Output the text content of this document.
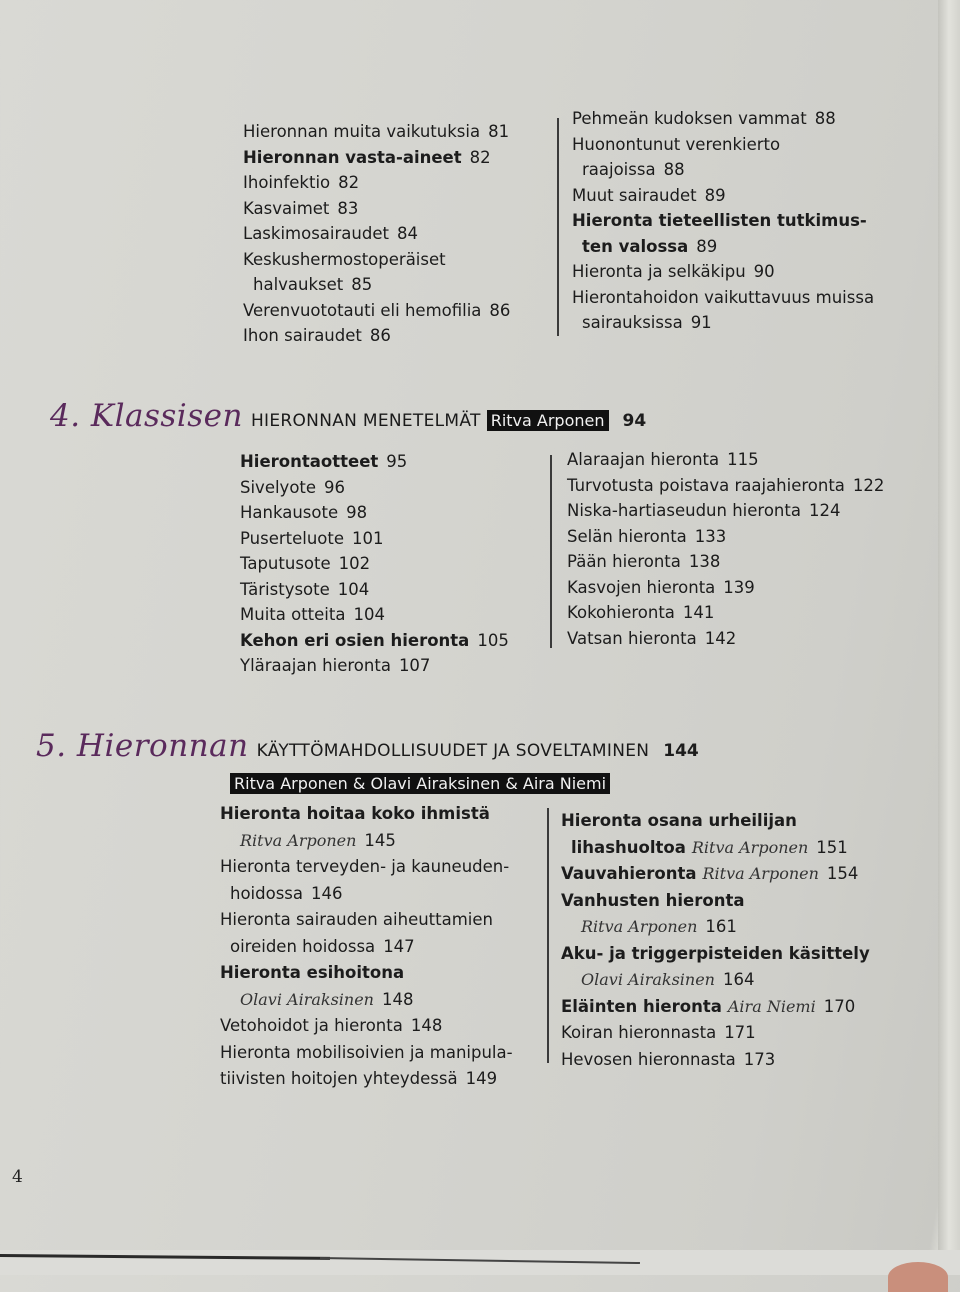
Hieronnan muita vaikutuksia 81
Hieronnan vasta-aineet 82
Ihoinfektio 82
Kasvaimet 83
Laskimosairaudet 84
Keskushermostoperäiset
halvaukset 85
Verenvuototauti eli hemofilia 86
Ihon sairaudet 86
Pehmeän kudoksen vammat 88
Huonontunut verenkierto
raajoissa 88
Muut sairaudet 89
Hieronta tieteellisten tutkimus-
ten valossa 89
Hieronta ja selkäkipu 90
Hierontahoidon vaikuttavuus muissa
sairauksissa 91
4. Klassisen HIERONNAN MENETELMÄT Ritva Arponen 94
Hierontaotteet 95
Sivelyote 96
Hankausote 98
Puserteluote 101
Taputusote 102
Täristysote 104
Muita otteita 104
Kehon eri osien hieronta 105
Yläraajan hieronta 107
Alaraajan hieronta 115
Turvotusta poistava raajahieronta 122
Niska-hartiaseudun hieronta 124
Selän hieronta 133
Pään hieronta 138
Kasvojen hieronta 139
Kokohieronta 141
Vatsan hieronta 142
5. Hieronnan KÄYTTÖMAHDOLLISUUDET JA SOVELTAMINEN 144
Ritva Arponen & Olavi Airaksinen & Aira Niemi
Hieronta hoitaa koko ihmistä
Ritva Arponen 145
Hieronta terveyden- ja kauneuden-
hoidossa 146
Hieronta sairauden aiheuttamien
oireiden hoidossa 147
Hieronta esihoitona
Olavi Airaksinen 148
Vetohoidot ja hieronta 148
Hieronta mobilisoivien ja manipula-
tiivisten hoitojen yhteydessä 149
Hieronta osana urheilijan
lihashuoltoa Ritva Arponen 151
Vauvahieronta Ritva Arponen 154
Vanhusten hieronta
Ritva Arponen 161
Aku- ja triggerpisteiden käsittely
Olavi Airaksinen 164
Eläinten hieronta Aira Niemi 170
Koiran hieronnasta 171
Hevosen hieronnasta 173
4
